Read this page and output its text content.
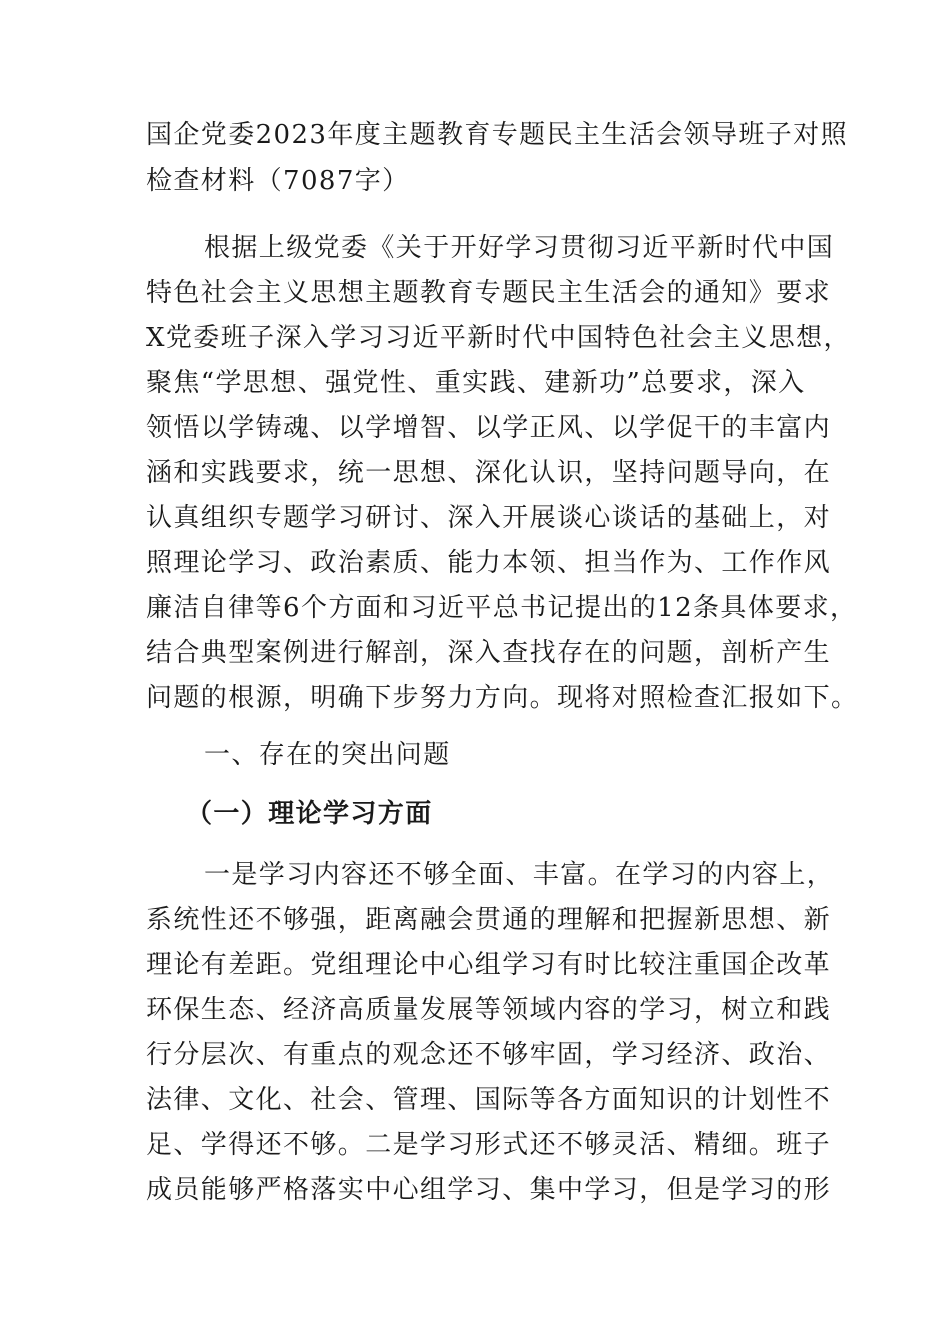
国企党委2023年度主题教育专题民主生活会领导班子对照
检查材料（7087字）
根据上级党委《关于开好学习贯彻习近平新时代中国
特色社会主义思想主题教育专题民主生活会的通知》要求
X党委班子深入学习习近平新时代中国特色社会主义思想，
聚焦“学思想、强党性、重实践、建新功”总要求，深入
领悟以学铸魂、以学增智、以学正风、以学促干的丰富内
涵和实践要求，统一思想、深化认识，坚持问题导向，在
认真组织专题学习研讨、深入开展谈心谈话的基础上，对
照理论学习、政治素质、能力本领、担当作为、工作作风
廉洁自律等6个方面和习近平总书记提出的12条具体要求，
结合典型案例进行解剖，深入查找存在的问题，剖析产生
问题的根源，明确下步努力方向。现将对照检查汇报如下。
一、存在的突出问题
（一）理论学习方面
一是学习内容还不够全面、丰富。在学习的内容上，
系统性还不够强，距离融会贯通的理解和把握新思想、新
理论有差距。党组理论中心组学习有时比较注重国企改革
环保生态、经济高质量发展等领域内容的学习，树立和践
行分层次、有重点的观念还不够牢固，学习经济、政治、
法律、文化、社会、管理、国际等各方面知识的计划性不
足、学得还不够。二是学习形式还不够灵活、精细。班子
成员能够严格落实中心组学习、集中学习，但是学习的形
